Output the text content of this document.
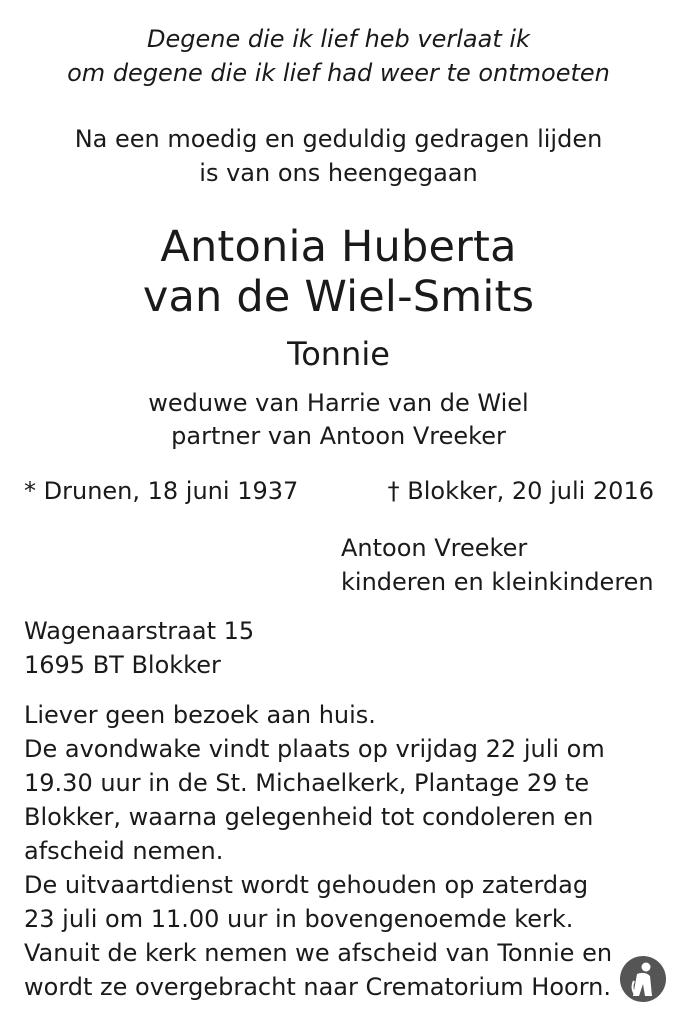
Degene die ik lief heb verlaat ik
om degene die ik lief had weer te ontmoeten
Na een moedig en geduldig gedragen lijden
is van ons heengegaan
Antonia Huberta
van de Wiel-Smits
Tonnie
weduwe van Harrie van de Wiel
partner van Antoon Vreeker
* Drunen, 18 juni 1937	† Blokker, 20 juli 2016
Antoon Vreeker
kinderen en kleinkinderen
Wagenaarstraat 15
1695 BT Blokker
Liever geen bezoek aan huis.
De avondwake vindt plaats op vrijdag 22 juli om
19.30 uur in de St. Michaelkerk, Plantage 29 te
Blokker, waarna gelegenheid tot condoleren en
afscheid nemen.
De uitvaartdienst wordt gehouden op zaterdag
23 juli om 11.00 uur in bovengenoemde kerk.
Vanuit de kerk nemen we afscheid van Tonnie en
wordt ze overgebracht naar Crematorium Hoorn.
